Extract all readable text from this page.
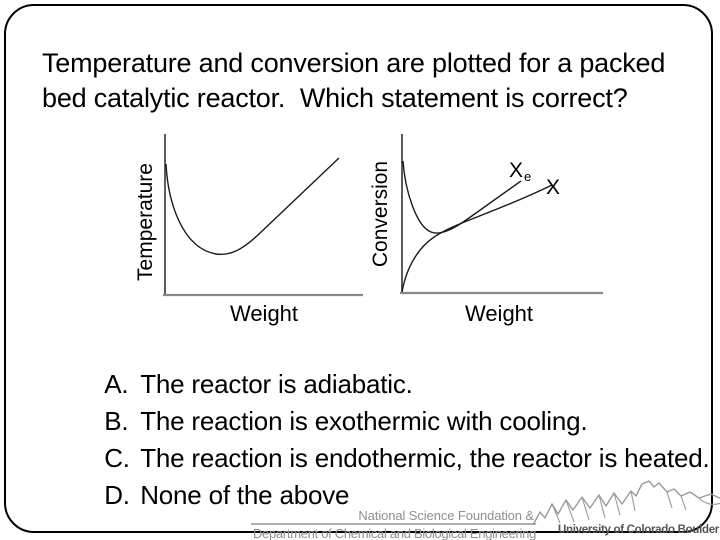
Temperature and conversion are plotted for a packed
bed catalytic reactor.  Which statement is correct?
Temperature
Weight
X e X
Conversion
Weight

A. The reactor is adiabatic.

B. The reaction is exothermic with cooling.

C. The reaction is endothermic, the reactor is heated.

D. None of the above

National Science Foundation &
Department of Chemical and Biological Engineering University of Colorado Boulder
